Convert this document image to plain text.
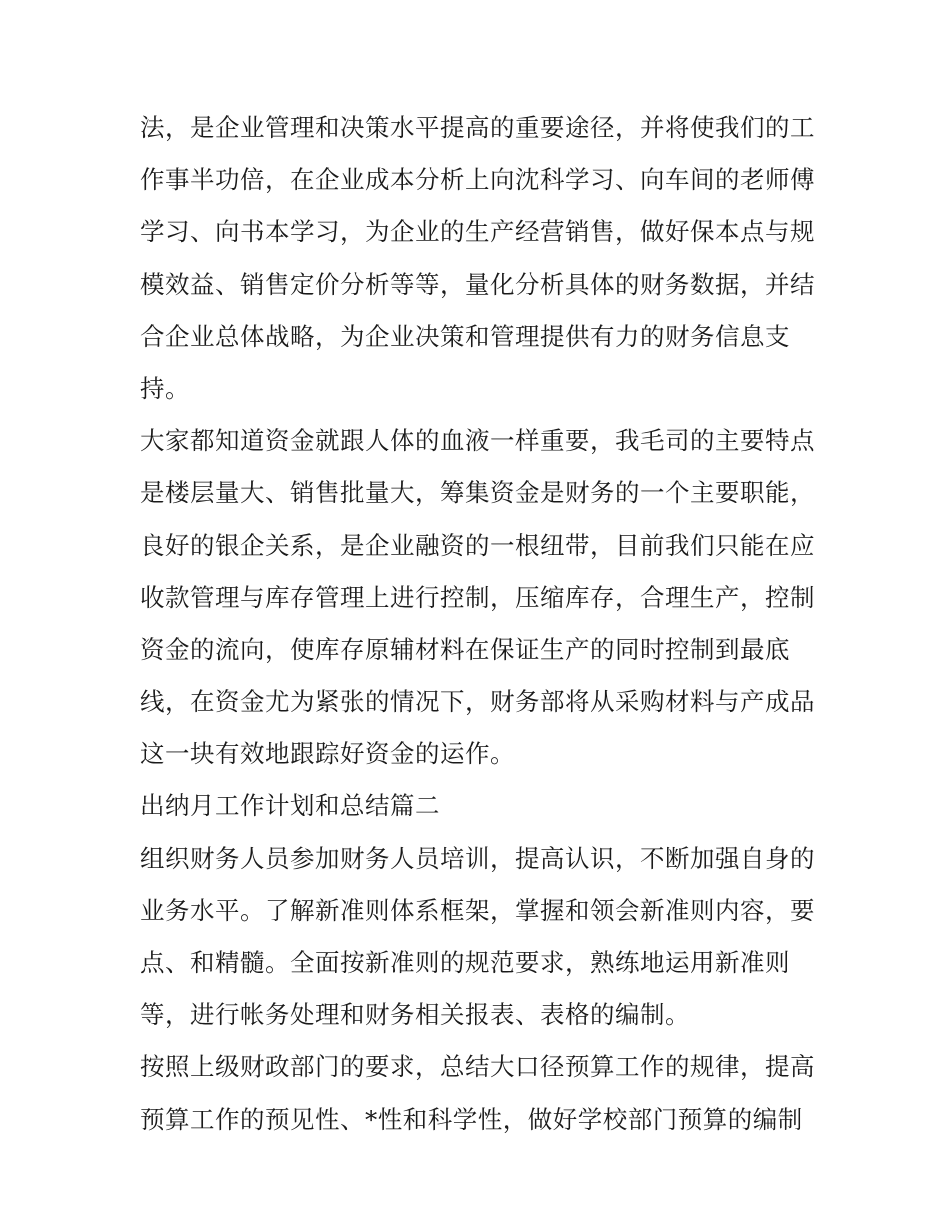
法，是企业管理和决策水平提高的重要途径，并将使我们的工
作事半功倍，在企业成本分析上向沈科学习、向车间的老师傅
学习、向书本学习，为企业的生产经营销售，做好保本点与规
模效益、销售定价分析等等，量化分析具体的财务数据，并结
合企业总体战略，为企业决策和管理提供有力的财务信息支
持。
大家都知道资金就跟人体的血液一样重要，我毛司的主要特点
是楼层量大、销售批量大，筹集资金是财务的一个主要职能，
良好的银企关系，是企业融资的一根纽带，目前我们只能在应
收款管理与库存管理上进行控制，压缩库存，合理生产，控制
资金的流向，使库存原辅材料在保证生产的同时控制到最底
线，在资金尤为紧张的情况下，财务部将从采购材料与产成品
这一块有效地跟踪好资金的运作。
出纳月工作计划和总结篇二
组织财务人员参加财务人员培训，提高认识，不断加强自身的
业务水平。了解新准则体系框架，掌握和领会新准则内容，要
点、和精髓。全面按新准则的规范要求，熟练地运用新准则
等，进行帐务处理和财务相关报表、表格的编制。
按照上级财政部门的要求，总结大口径预算工作的规律，提高
预算工作的预见性、*性和科学性，做好学校部门预算的编制
